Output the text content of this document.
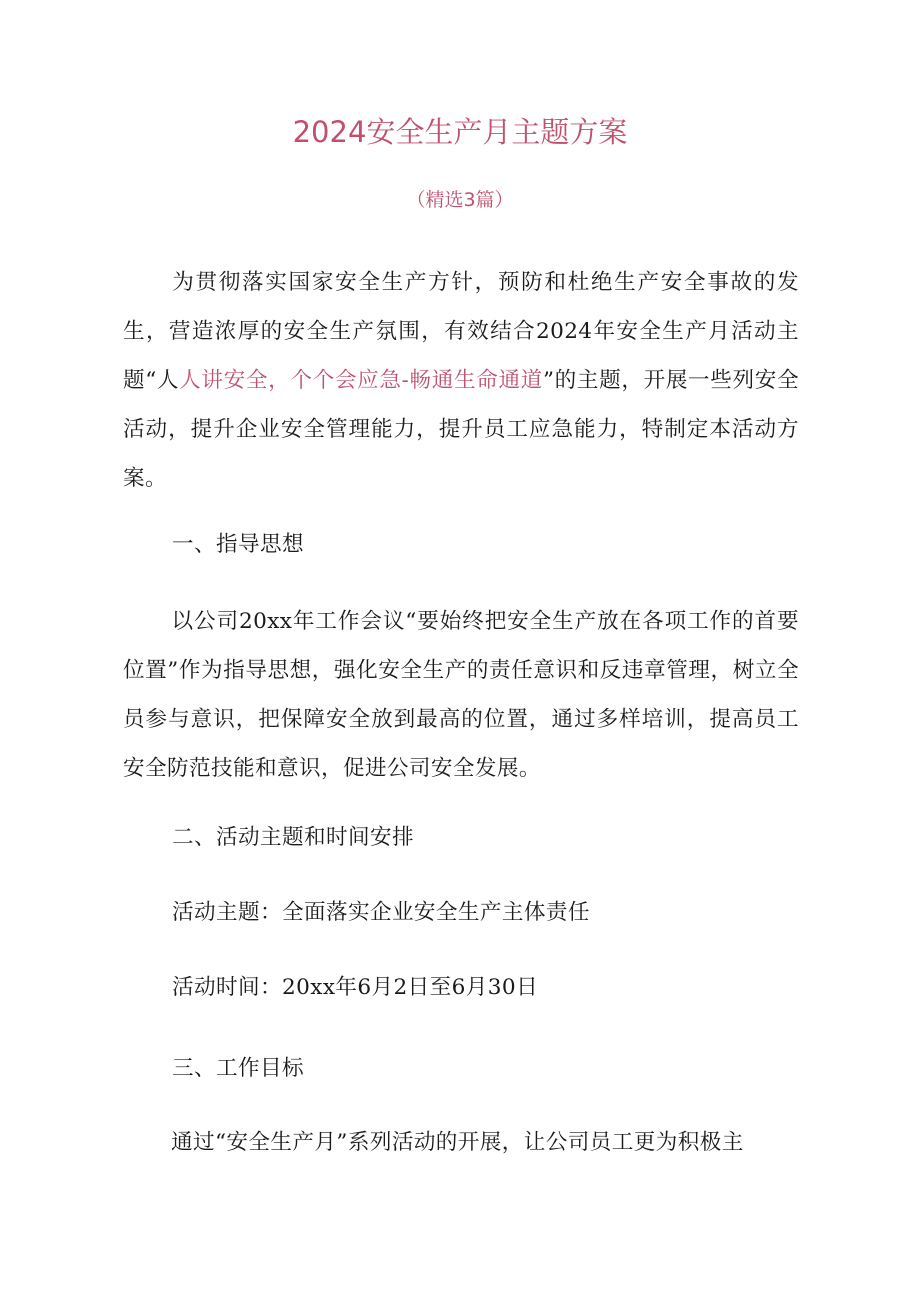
2024安全生产月主题方案
（精选3篇）

为贯彻落实国家安全生产方针，预防和杜绝生产安全事故的发生，营造浓厚的安全生产氛围，有效结合2024年安全生产月活动主题“人人讲安全，个个会应急-畅通生命通道”的主题，开展一些列安全活动，提升企业安全管理能力，提升员工应急能力，特制定本活动方案。

一、指导思想

以公司20xx年工作会议“要始终把安全生产放在各项工作的首要位置”作为指导思想，强化安全生产的责任意识和反违章管理，树立全员参与意识，把保障安全放到最高的位置，通过多样培训，提高员工安全防范技能和意识，促进公司安全发展。

二、活动主题和时间安排
活动主题：全面落实企业安全生产主体责任
活动时间：20xx年6月2日至6月30日
三、工作目标

通过“安全生产月”系列活动的开展，让公司员工更为积极主
